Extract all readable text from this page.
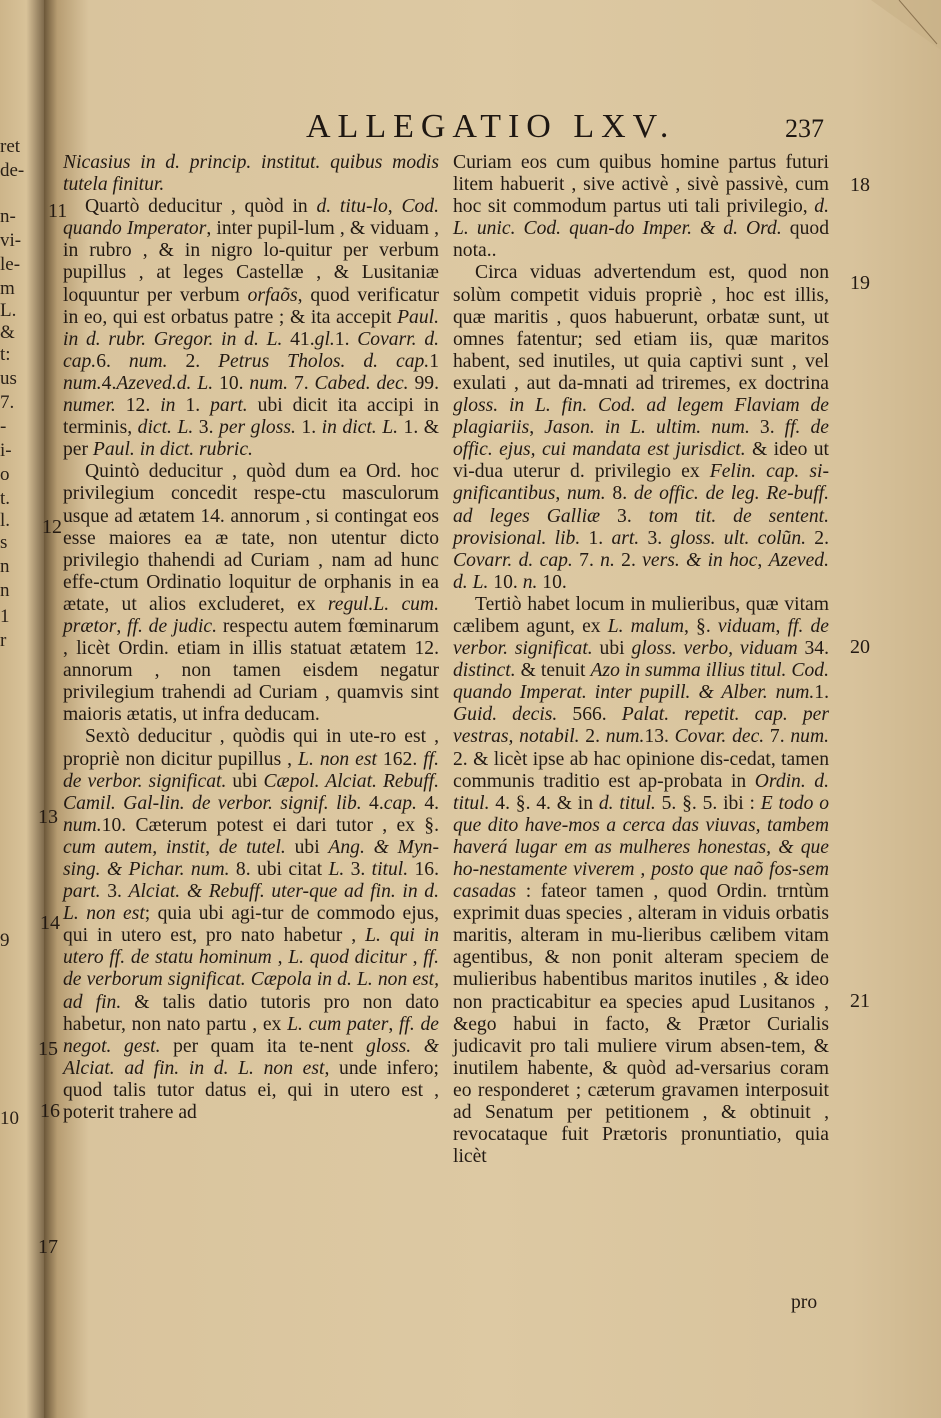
ret
de-
n-
vi-
le-
m
L.
&
t:
us
7.
-
i-
o
t.
l.
s
n
n
1
r
9
10
ALLEGATIO LXV.	237

Nicasius in d. princip. institut. quibus modis tutela finitur.

Quartò deducitur , quòd in d. titu-lo, Cod. quando Imperator, inter pupil-lum , & viduam , in rubro , & in nigro lo-quitur per verbum pupillus , at leges Castellæ , & Lusitaniæ loquuntur per verbum orfaõs, quod verificatur in eo, qui est orbatus patre ; & ita accepit Paul. in d. rubr. Gregor. in d. L. 41.gl.1. Covarr. d. cap.6. num. 2. Petrus Tholos. d. cap.1 num.4.Azeved.d. L. 10. num. 7. Cabed. dec. 99. numer. 12. in 1. part. ubi dicit ita accipi in terminis, dict. L. 3. per gloss. 1. in dict. L. 1. & per Paul. in dict. rubric.

Quintò deducitur , quòd dum ea Ord. hoc privilegium concedit respe-ctu masculorum usque ad ætatem 14. annorum , si contingat eos esse maiores ea æ tate, non utentur dicto privilegio thahendi ad Curiam , nam ad hunc effe-ctum Ordinatio loquitur de orphanis in ea ætate, ut alios excluderet, ex regul.L. cum. prætor, ff. de judic. respectu autem fœminarum , licèt Ordin. etiam in illis statuat ætatem 12. annorum , non tamen eisdem negatur privilegium trahendi ad Curiam , quamvis sint maioris ætatis, ut infra deducam.

Sextò deducitur , quòdis qui in ute-ro est , propriè non dicitur pupillus , L. non est 162. ff. de verbor. significat. ubi Cæpol. Alciat. Rebuff. Camil. Gal-lin. de verbor. signif. lib. 4.cap. 4. num.10. Cæterum potest ei dari tutor , ex §. cum autem, instit, de tutel. ubi Ang. & Myn-sing. & Pichar. num. 8. ubi citat L. 3. titul. 16. part. 3. Alciat. & Rebuff. uter-que ad fin. in d. L. non est; quia ubi agi-tur de commodo ejus, qui in utero est, pro nato habetur , L. qui in utero ff. de statu hominum , L. quod dicitur , ff. de verborum significat. Cæpola in d. L. non est, ad fin. & talis datio tutoris pro non dato habetur, non nato partu , ex L. cum pater, ff. de negot. gest. per quam ita te-nent gloss. & Alciat. ad fin. in d. L. non est, unde infero; quod talis tutor datus ei, qui in utero est , poterit trahere ad

Curiam eos cum quibus homine partus futuri litem habuerit , sive activè , sivè passivè, cum hoc sit commodum partus uti tali privilegio, d. L. unic. Cod. quan-do Imper. & d. Ord. quod nota..

Circa viduas advertendum est, quod non solùm competit viduis propriè , hoc est illis, quæ maritis , quos habuerunt, orbatæ sunt, ut omnes fatentur; sed etiam iis, quæ maritos habent, sed inutiles, ut quia captivi sunt , vel exulati , aut da-mnati ad triremes, ex doctrina gloss. in L. fin. Cod. ad legem Flaviam de plagiariis, Jason. in L. ultim. num. 3. ff. de offic. ejus, cui mandata est jurisdict. & ideo ut vi-dua uterur d. privilegio ex Felin. cap. si-gnificantibus, num. 8. de offic. de leg. Re-buff. ad leges Galliæ 3. tom tit. de sentent. provisional. lib. 1. art. 3. gloss. ult. colũn. 2. Covarr. d. cap. 7. n. 2. vers. & in hoc, Azeved. d. L. 10. n. 10.

Tertiò habet locum in mulieribus, quæ vitam cælibem agunt, ex L. malum, §. viduam, ff. de verbor. significat. ubi gloss. verbo, viduam 34. distinct. & tenuit Azo in summa illius titul. Cod. quando Imperat. inter pupill. & Alber. num.1. Guid. decis. 566. Palat. repetit. cap. per vestras, notabil. 2. num.13. Covar. dec. 7. num. 2. & licèt ipse ab hac opinione dis-cedat, tamen communis traditio est ap-probata in Ordin. d. titul. 4. §. 4. & in d. titul. 5. §. 5. ibi : E todo o que dito have-mos a cerca das viuvas, tambem haverá lugar em as mulheres honestas, & que ho-nestamente viverem , posto que naõ fos-sem casadas : fateor tamen , quod Ordin. trntùm exprimit duas species , alteram in viduis orbatis maritis, alteram in mu-lieribus cælibem vitam agentibus, & non ponit alteram speciem de mulieribus habentibus maritos inutiles , & ideo non practicabitur ea species apud Lusitanos , &ego habui in facto, & Prætor Curialis judicavit pro tali muliere virum absen-tem, & inutilem habente, & quòd ad-versarius coram eo responderet ; cæterum gravamen interposuit ad Senatum per petitionem , & obtinuit , revocataque fuit Prætoris pronuntiatio, quia licèt

pro
11
12
13
14
15
16
17
18
19
20
21
